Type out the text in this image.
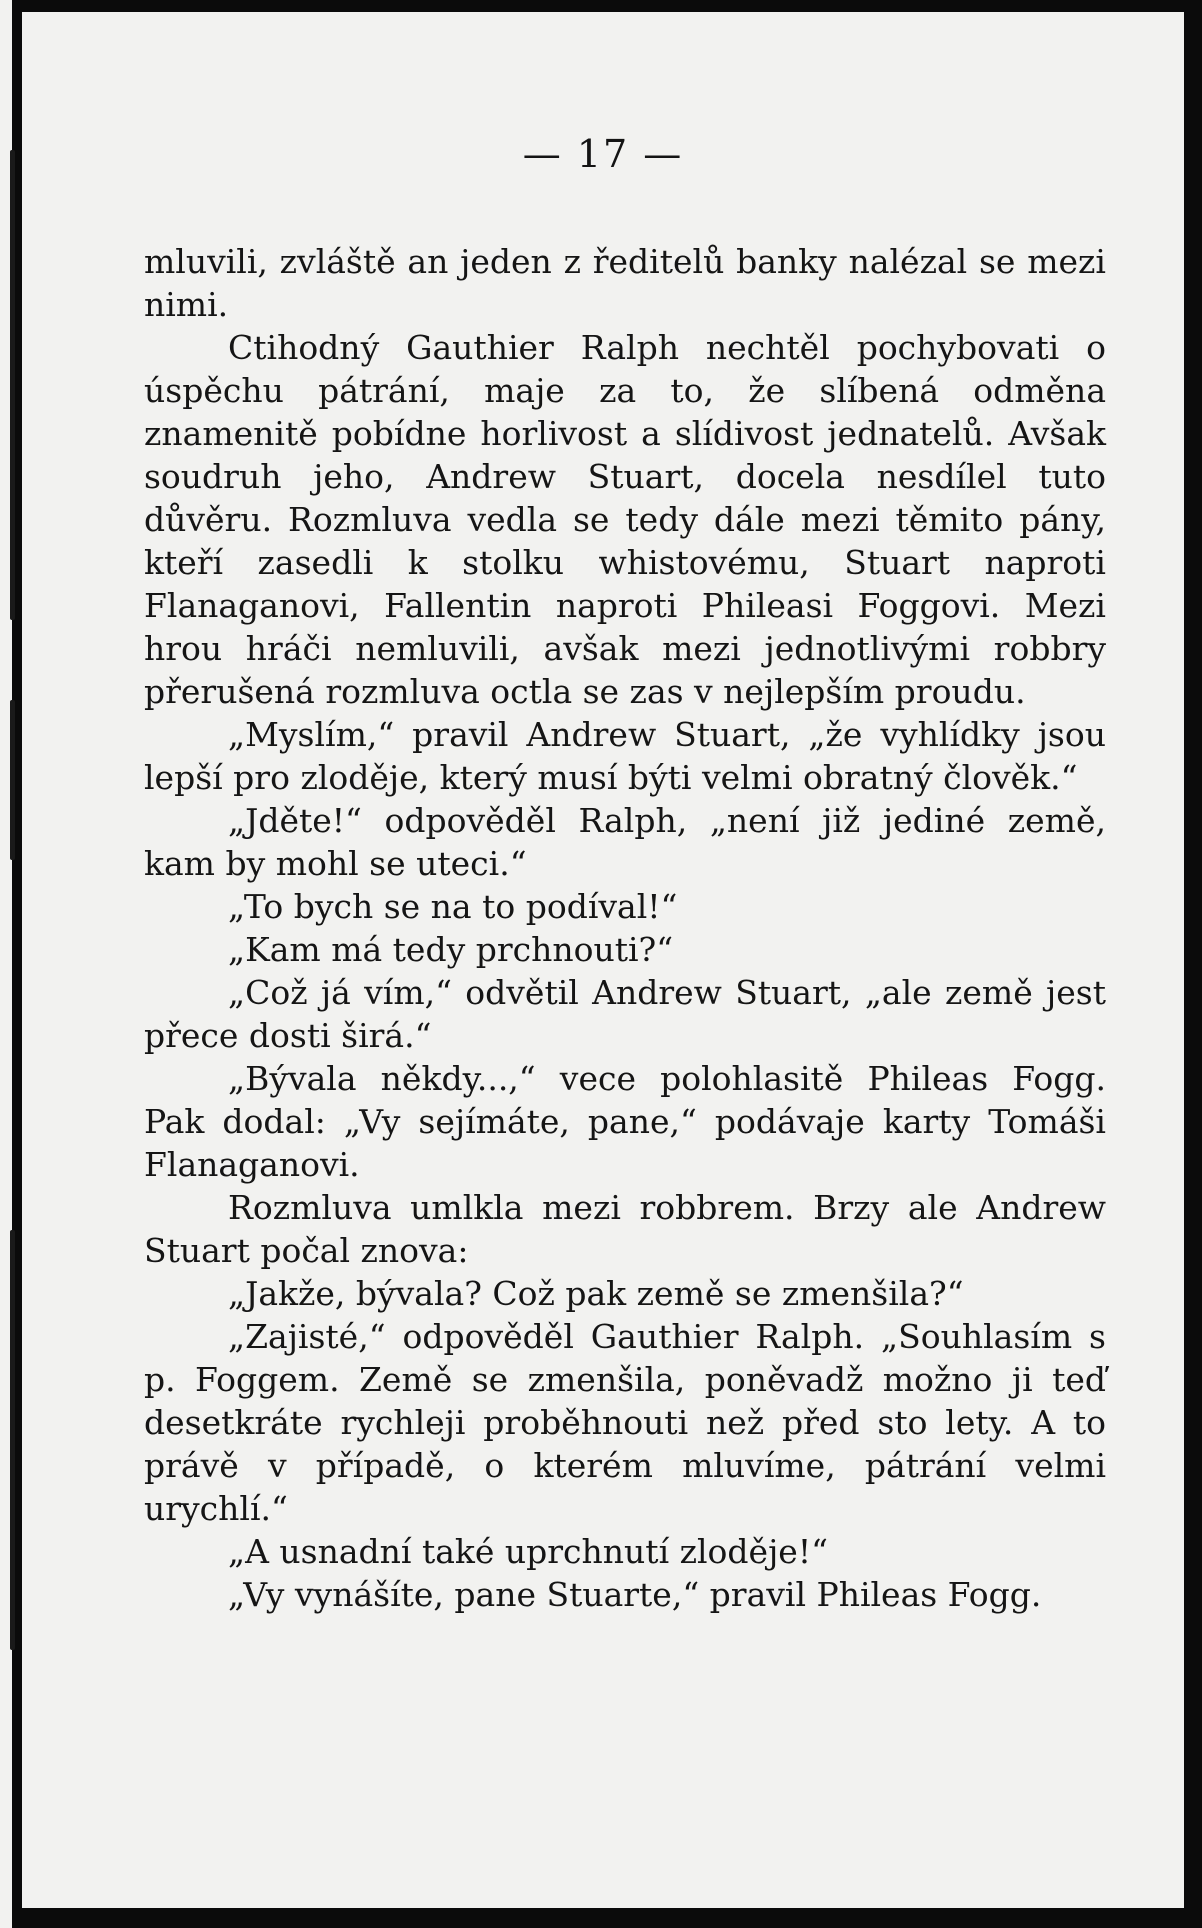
— 17 —

mluvili, zvláště an jeden z ředitelů banky nalézal se mezi nimi.

Ctihodný Gauthier Ralph nechtěl pochybovati o úspěchu pátrání, maje za to, že slíbená odměna znamenitě pobídne horlivost a slídivost jednatelů. Avšak soudruh jeho, Andrew Stuart, docela nesdílel tuto důvěru. Rozmluva vedla se tedy dále mezi těmito pány, kteří zasedli k stolku whistovému, Stuart naproti Flanaganovi, Fallentin naproti Phileasi Foggovi. Mezi hrou hráči nemluvili, avšak mezi jednotlivými robbry přerušená rozmluva octla se zas v nejlepším proudu.

„Myslím,“ pravil Andrew Stuart, „že vyhlídky jsou lepší pro zloděje, který musí býti velmi obratný člověk.“

„Jděte!“ odpověděl Ralph, „není již jediné země, kam by mohl se uteci.“

„To bych se na to podíval!“

„Kam má tedy prchnouti?“

„Což já vím,“ odvětil Andrew Stuart, „ale země jest přece dosti širá.“

„Bývala někdy...,“ vece polohlasitě Phileas Fogg. Pak dodal: „Vy sejímáte, pane,“ podávaje karty Tomáši Flanaganovi.

Rozmluva umlkla mezi robbrem. Brzy ale Andrew Stuart počal znova:

„Jakže, bývala? Což pak země se zmenšila?“

„Zajisté,“ odpověděl Gauthier Ralph. „Souhlasím s p. Foggem. Země se zmenšila, poněvadž možno ji teď desetkráte rychleji proběhnouti než před sto lety. A to právě v případě, o kterém mluvíme, pátrání velmi urychlí.“

„A usnadní také uprchnutí zloděje!“

„Vy vynášíte, pane Stuarte,“ pravil Phileas Fogg.
